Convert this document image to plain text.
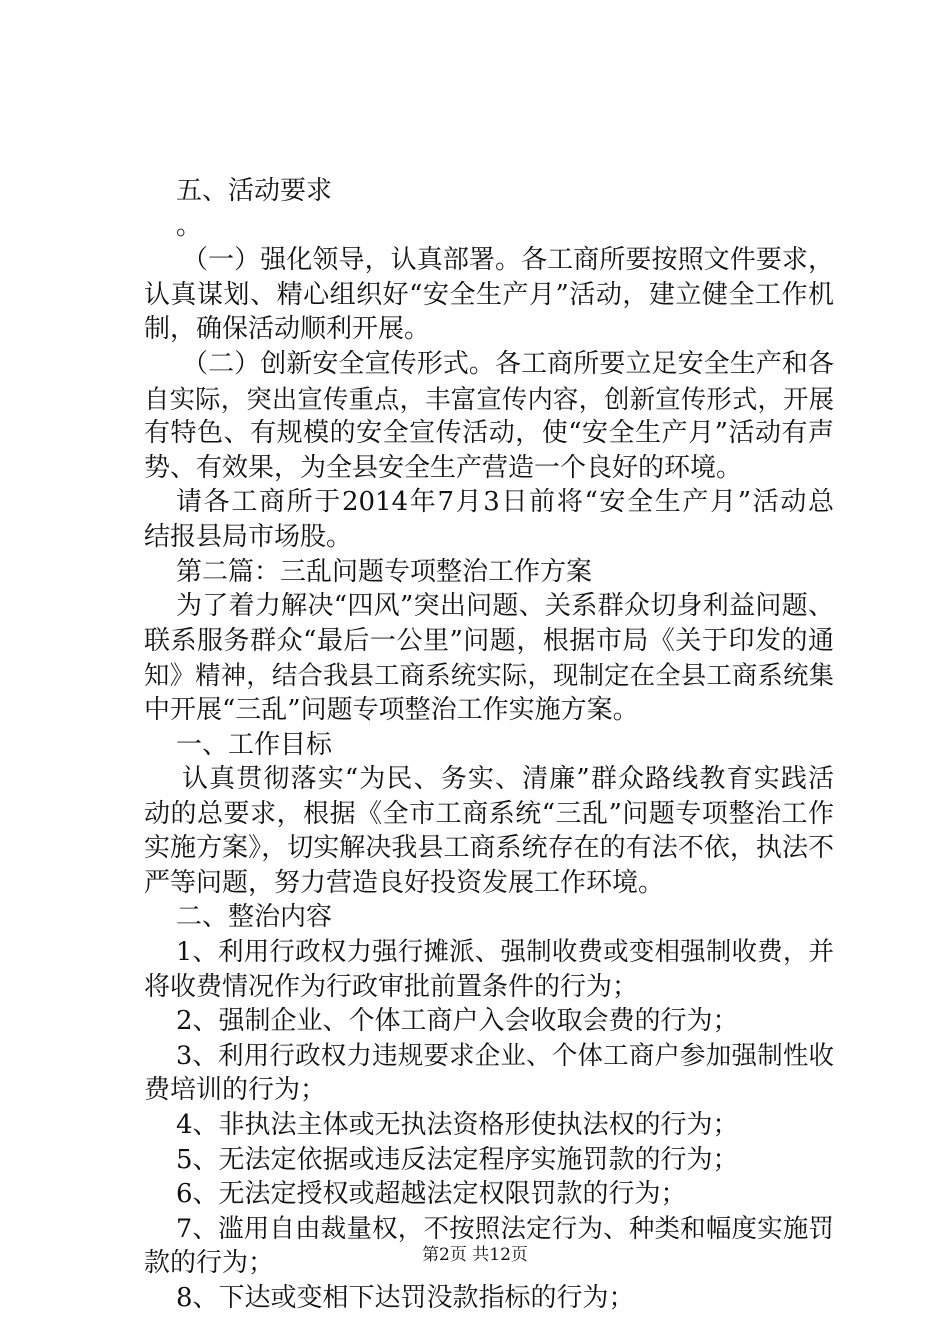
五、活动要求
。
（一）强化领导，认真部署。各工商所要按照文件要求，
认真谋划、精心组织好“安全生产月”活动，建立健全工作机
制，确保活动顺利开展。
（二）创新安全宣传形式。各工商所要立足安全生产和各
自实际，突出宣传重点，丰富宣传内容，创新宣传形式，开展
有特色、有规模的安全宣传活动，使“安全生产月”活动有声
势、有效果，为全县安全生产营造一个良好的环境。
请各工商所于2014年7月3日前将“安全生产月”活动总
结报县局市场股。
第二篇：三乱问题专项整治工作方案
为了着力解决“四风”突出问题、关系群众切身利益问题、
联系服务群众“最后一公里”问题，根据市局《关于印发的通
知》精神，结合我县工商系统实际，现制定在全县工商系统集
中开展“三乱”问题专项整治工作实施方案。
一、工作目标
认真贯彻落实“为民、务实、清廉”群众路线教育实践活
动的总要求，根据《全市工商系统“三乱”问题专项整治工作
实施方案》，切实解决我县工商系统存在的有法不依，执法不
严等问题，努力营造良好投资发展工作环境。
二、整治内容
1、利用行政权力强行摊派、强制收费或变相强制收费，并
将收费情况作为行政审批前置条件的行为；
2、强制企业、个体工商户入会收取会费的行为；
3、利用行政权力违规要求企业、个体工商户参加强制性收
费培训的行为；
4、非执法主体或无执法资格形使执法权的行为；
5、无法定依据或违反法定程序实施罚款的行为；
6、无法定授权或超越法定权限罚款的行为；
7、滥用自由裁量权，不按照法定行为、种类和幅度实施罚
款的行为；
8、下达或变相下达罚没款指标的行为；
第2页 共12页
